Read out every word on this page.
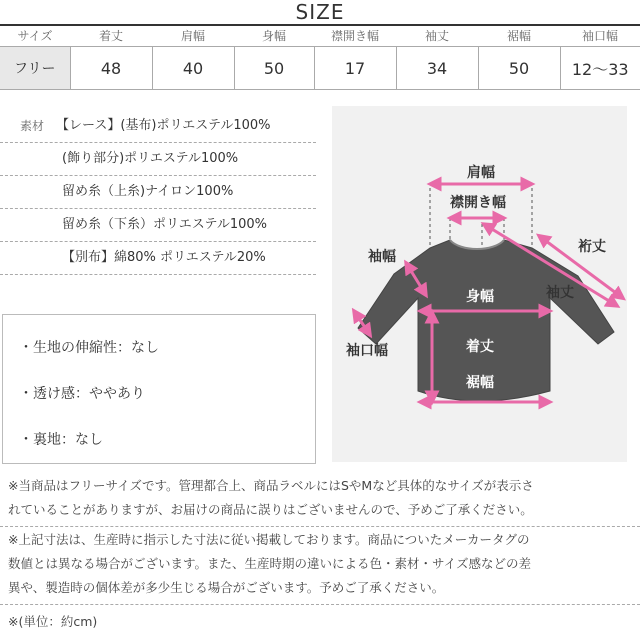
SIZE
サイズ	着丈	肩幅	身幅	襟開き幅	袖丈	裾幅	袖口幅
フリー	48	40	50	17	34	50	12〜33
素材 【レース】(基布)ポリエステル100%
(飾り部分)ポリエステル100%
留め糸（上糸)ナイロン100%
留め糸（下糸）ポリエステル100%
【別布】綿80% ポリエステル20%
・生地の伸縮性：なし
・透け感：ややあり
・裏地：なし
肩幅
襟開き幅
裄丈
袖幅
袖丈
身幅
袖口幅	着丈
裾幅
※当商品はフリーサイズです。管理都合上、商品ラベルにはSやMなど具体的なサイズが表示さ
れていることがありますが、お届けの商品に誤りはございませんので、予めご了承ください。
※上記寸法は、生産時に指示した寸法に従い掲載しております。商品についたメーカータグの
数値とは異なる場合がございます。また、生産時期の違いによる色・素材・サイズ感などの差
異や、製造時の個体差が多少生じる場合がございます。予めご了承ください。
※(単位：約cm)
